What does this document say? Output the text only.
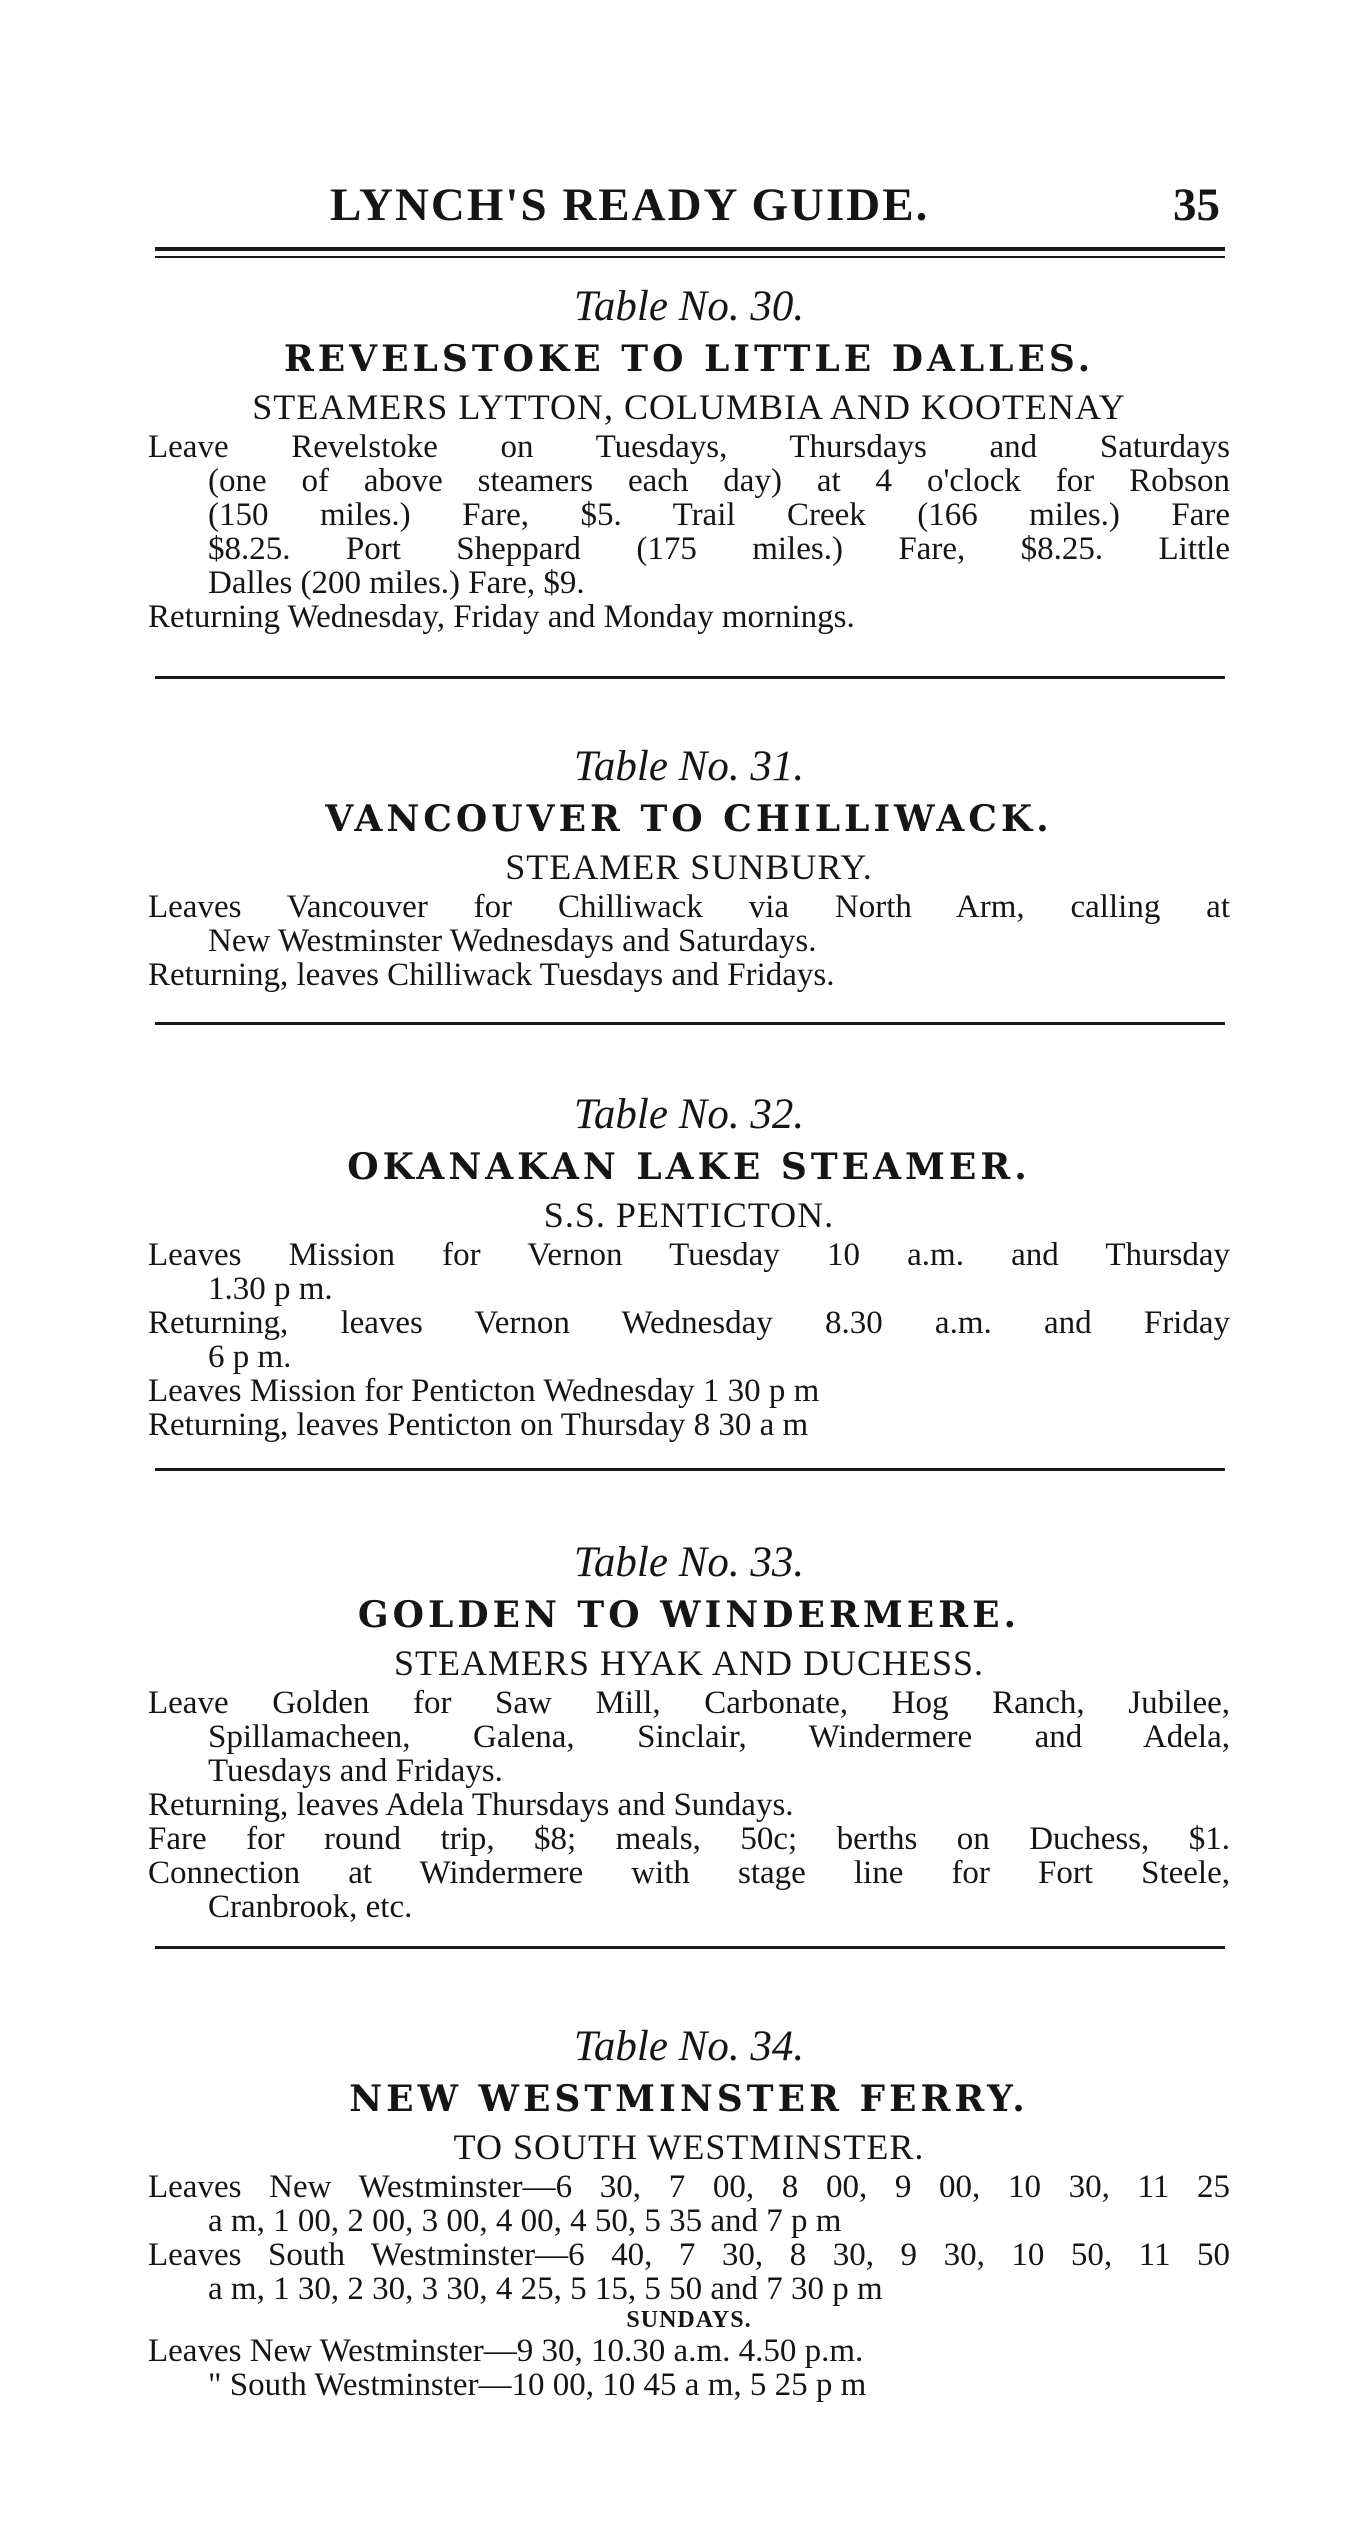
LYNCH'S READY GUIDE.	35
Table No. 30.
REVELSTOKE TO LITTLE DALLES.
STEAMERS LYTTON, COLUMBIA AND KOOTENAY
Leave Revelstoke on Tuesdays, Thursdays and Saturdays
(one of above steamers each day) at 4 o'clock for Robson
(150 miles.) Fare, $5. Trail Creek (166 miles.) Fare
$8.25. Port Sheppard (175 miles.) Fare, $8.25. Little
Dalles (200 miles.) Fare, $9.
Returning Wednesday, Friday and Monday mornings.
Table No. 31.
VANCOUVER TO CHILLIWACK.
STEAMER SUNBURY.
Leaves Vancouver for Chilliwack via North Arm, calling at
New Westminster Wednesdays and Saturdays.
Returning, leaves Chilliwack Tuesdays and Fridays.
Table No. 32.
OKANAKAN LAKE STEAMER.
S.S. PENTICTON.
Leaves Mission for Vernon Tuesday 10 a.m. and Thursday
1.30 p m.
Returning, leaves Vernon Wednesday 8.30 a.m. and Friday
6 p m.
Leaves Mission for Penticton Wednesday 1 30 p m
Returning, leaves Penticton on Thursday 8 30 a m
Table No. 33.
GOLDEN TO WINDERMERE.
STEAMERS HYAK AND DUCHESS.
Leave Golden for Saw Mill, Carbonate, Hog Ranch, Jubilee,
Spillamacheen, Galena, Sinclair, Windermere and Adela,
Tuesdays and Fridays.
Returning, leaves Adela Thursdays and Sundays.
Fare for round trip, $8; meals, 50c; berths on Duchess, $1.
Connection at Windermere with stage line for Fort Steele,
Cranbrook, etc.
Table No. 34.
NEW WESTMINSTER FERRY.
TO SOUTH WESTMINSTER.
Leaves New Westminster—6 30, 7 00, 8 00, 9 00, 10 30, 11 25
a m, 1 00, 2 00, 3 00, 4 00, 4 50, 5 35 and 7 p m
Leaves South Westminster—6 40, 7 30, 8 30, 9 30, 10 50, 11 50
a m, 1 30, 2 30, 3 30, 4 25, 5 15, 5 50 and 7 30 p m
SUNDAYS.
Leaves New Westminster—9 30, 10.30 a.m. 4.50 p.m.
" South Westminster—10 00, 10 45 a m, 5 25 p m
